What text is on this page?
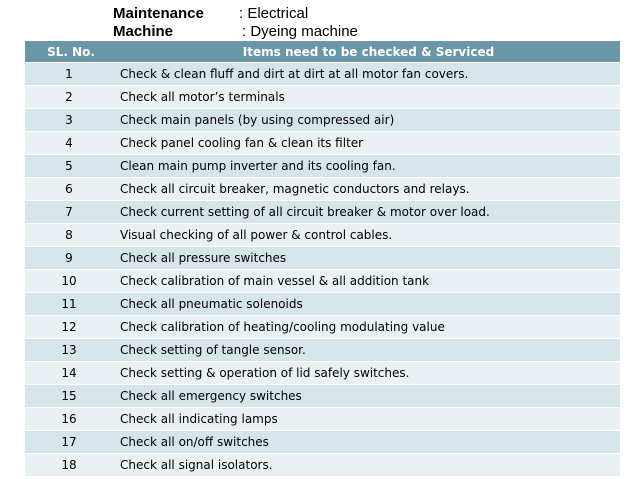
Maintenance : Electrical
Machine	: Dyeing machine
SL. No.	Items need to be checked & Serviced
1	Check & clean fluff and dirt at dirt at all motor fan covers.
2	Check all motor’s terminals
3	Check main panels (by using compressed air)
4	Check panel cooling fan & clean its filter
5	Clean main pump inverter and its cooling fan.
6	Check all circuit breaker, magnetic conductors and relays.
7	Check current setting of all circuit breaker & motor over load.
8	Visual checking of all power & control cables.
9	Check all pressure switches
10	Check calibration of main vessel & all addition tank
11	Check all pneumatic solenoids
12	Check calibration of heating/cooling modulating value
13	Check setting of tangle sensor.
14	Check setting & operation of lid safely switches.
15	Check all emergency switches
16	Check all indicating lamps
17	Check all on/off switches
18	Check all signal isolators.
